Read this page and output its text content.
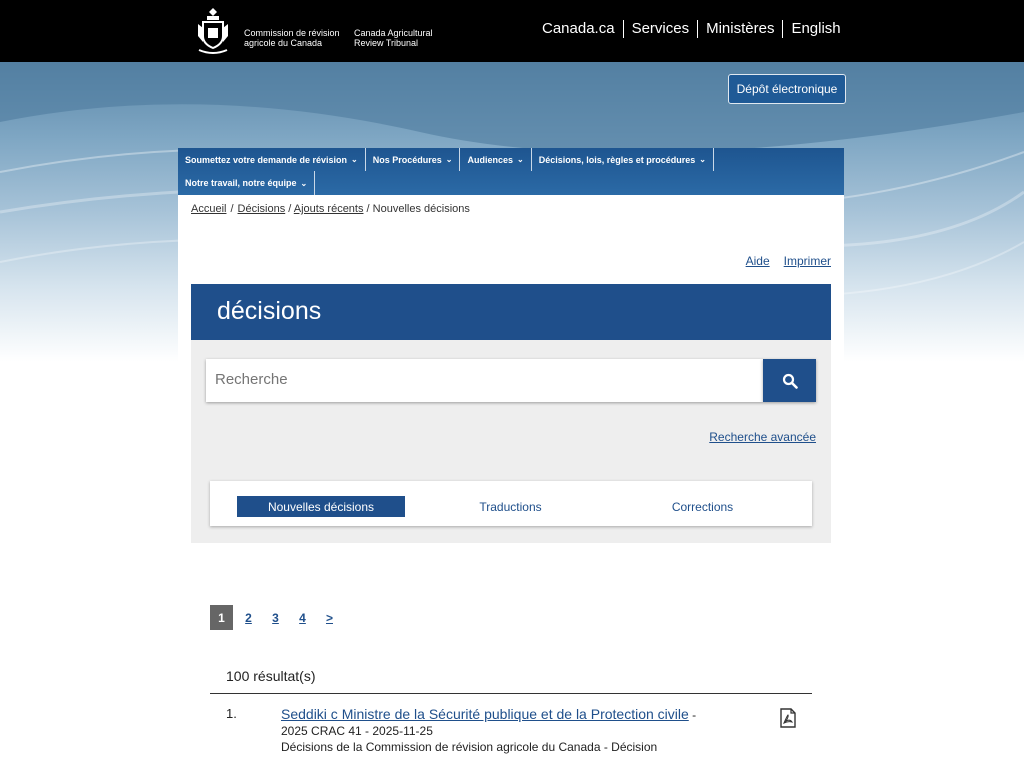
Commission de révision agricole du Canada
Canada Agricultural Review Tribunal
Canada.ca	Services	Ministères	English
Dépôt électronique
Soumettez votre demande de révision ⌄ Nos Procédures ⌄ Audiences ⌄ Décisions, lois, règles et procédures ⌄
Notre travail, notre équipe ⌄
Accueil / Décisions / Ajouts récents / Nouvelles décisions
Aide Imprimer
décisions
Recherche
Recherche avancée
Nouvelles décisions	Traductions	Corrections
1	2	3	4	>
100 résultat(s)
1.	Seddiki c Ministre de la Sécurité publique et de la Protection civile -
2025 CRAC 41 - 2025-11-25
Décisions de la Commission de révision agricole du Canada - Décision
